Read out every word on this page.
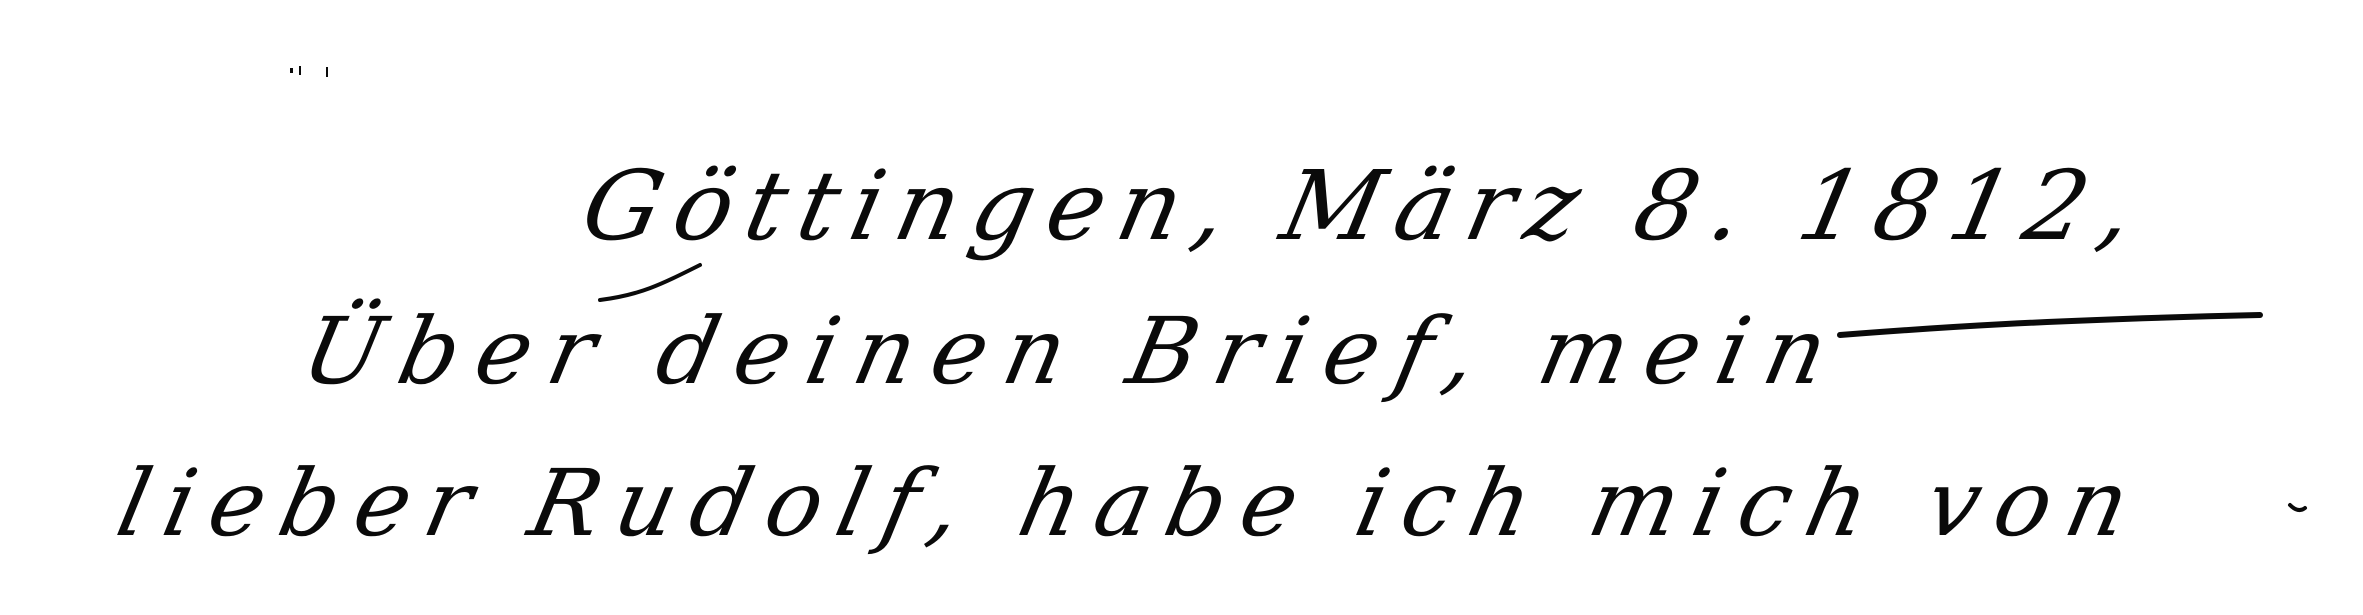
Göttingen, März 8. 1812,
Über deinen Brief, mein
lieber Rudolf, habe ich mich von
